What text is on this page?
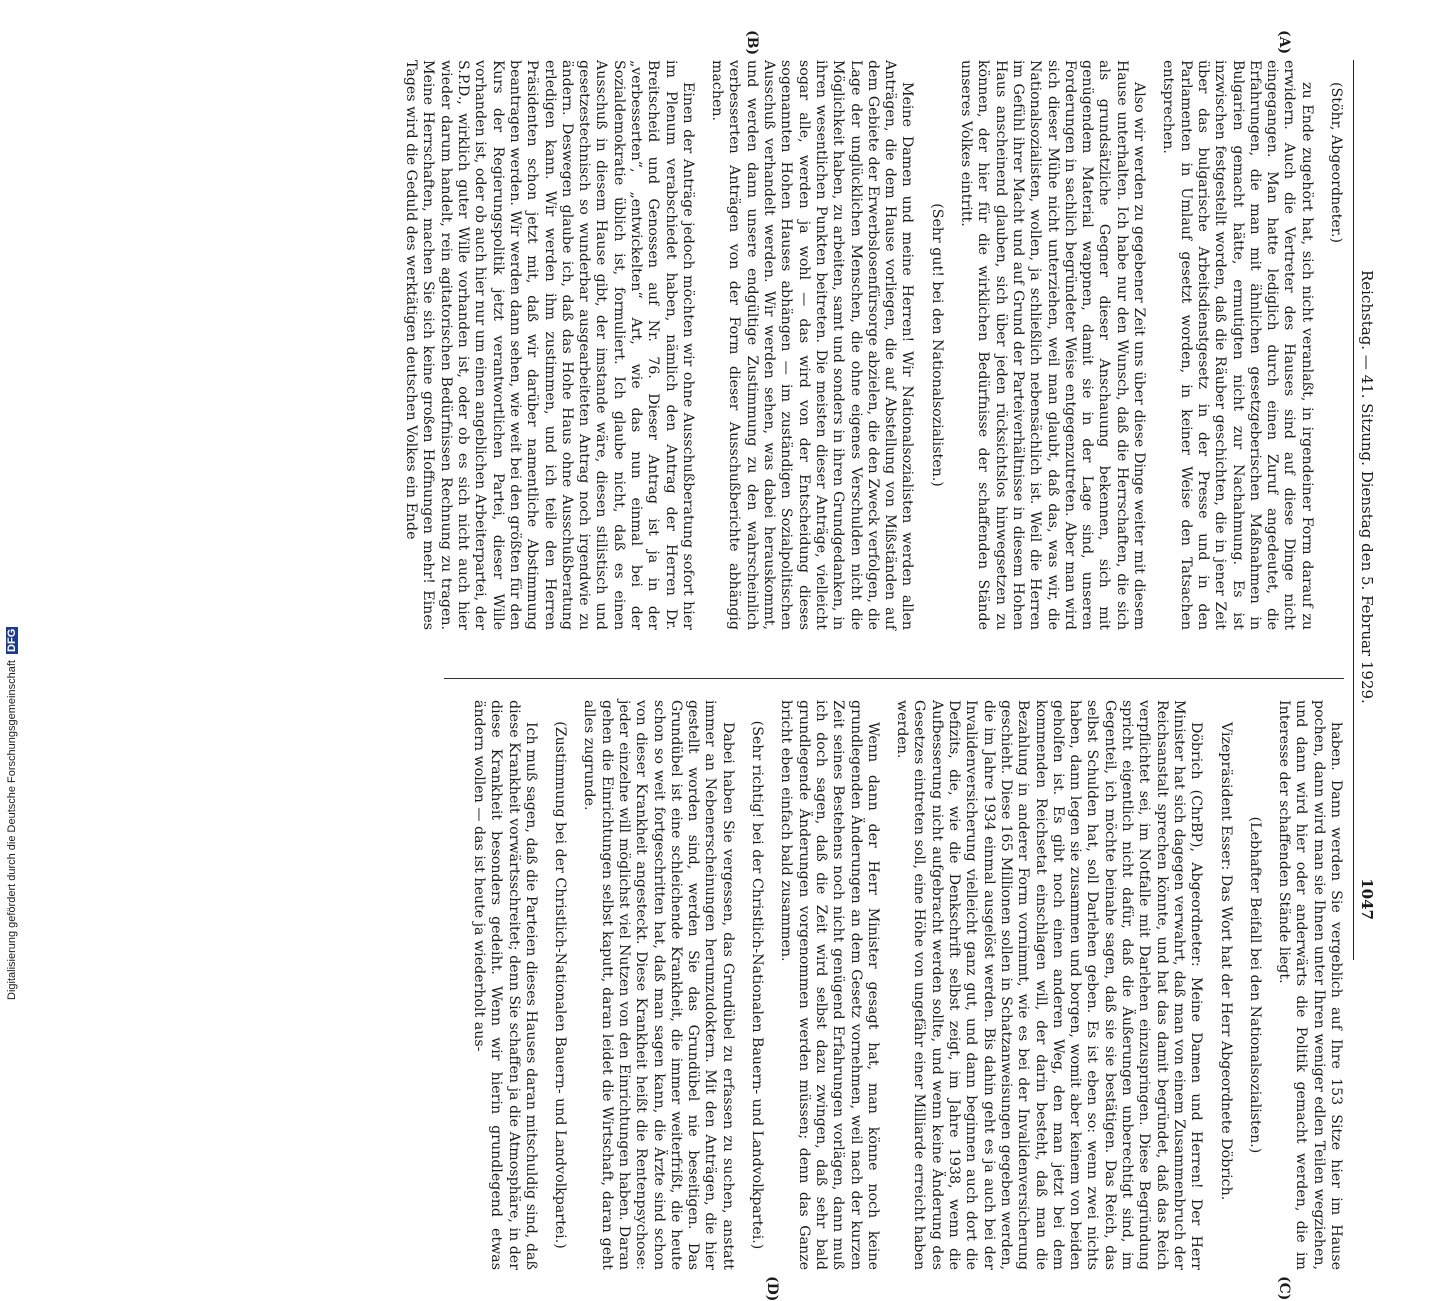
Reichstag. — 41. Sitzung. Dienstag den 5. Februar 1929.
1047
(A)
(B)
(C)
(D)

(Stöhr, Abgeordneter.)

zu Ende zugehört hat, sich nicht veranlaßt, in irgendeiner Form darauf zu erwidern. Auch die Vertreter des Hauses sind auf diese Dinge nicht eingegangen. Man hatte lediglich durch einen Zuruf angedeutet, die Erfahrungen, die man mit ähnlichen gesetzgeberischen Maßnahmen in Bulgarien gemacht hätte, ermutigten nicht zur Nachahmung. Es ist inzwischen festgestellt worden, daß die Räuber geschichten, die in jener Zeit über das bulgarische Arbeitsdienstgesetz in der Presse und in den Parlamenten in Umlauf gesetzt worden, in keiner Weise den Tatsachen entsprechen.

Also wir werden zu gegebener Zeit uns über diese Dinge weiter mit diesem Hause unterhalten. Ich habe nur den Wunsch, daß die Herrschaften, die sich als grundsätzliche Gegner dieser Anschauung bekennen, sich mit genügendem Material wappnen, damit sie in der Lage sind, unseren Forderungen in sachlich begründeter Weise entgegenzutreten. Aber man wird sich dieser Mühe nicht unterziehen, weil man glaubt, daß das, was wir, die Nationalsozialisten, wollen, ja schließlich nebensächlich ist. Weil die Herren im Gefühl ihrer Macht und auf Grund der Parteiverhältnisse in diesem Hohen Haus anscheinend glauben, sich über jeden rücksichtslos hinwegsetzen zu können, der hier für die wirklichen Bedürfnisse der schaffenden Stände unseres Volkes eintritt.

(Sehr gut! bei den Nationalsozialisten.)

Meine Damen und meine Herren! Wir Nationalsozialisten werden allen Anträgen, die dem Hause vorliegen, die auf Abstellung von Mißständen auf dem Gebiete der Erwerbslosenfürsorge abzielen, die den Zweck verfolgen, die Lage der unglücklichen Menschen, die ohne eigenes Verschulden nicht die Möglichkeit haben, zu arbeiten, samt und sonders in ihren Grundgedanken, in ihren wesentlichen Punkten beitreten. Die meisten dieser Anträge, vielleicht sogar alle, werden ja wohl — das wird von der Entscheidung dieses sogenannten Hohen Hauses abhängen — im zuständigen Sozialpolitischen Ausschuß verhandelt werden. Wir werden sehen, was dabei herauskommt, und werden dann unsere endgültige Zustimmung zu den wahrscheinlich verbesserten Anträgen von der Form dieser Ausschußberichte abhängig machen.

Einen der Anträge jedoch möchten wir ohne Ausschußberatung sofort hier im Plenum verabschiedet haben, nämlich den Antrag der Herren Dr. Breitscheid und Genossen auf Nr. 76. Dieser Antrag ist ja in der „verbesserten“, „entwickelten“ Art, wie das nun einmal bei der Sozialdemokratie üblich ist, formuliert. Ich glaube nicht, daß es einen Ausschuß in diesem Hause gibt, der imstande wäre, diesen stilistisch und gesetzestechnisch so wunderbar ausgearbeiteten Antrag noch irgendwie zu ändern. Deswegen glaube ich, daß das Hohe Haus ohne Ausschußberatung erledigen kann. Wir werden ihm zustimmen, und ich teile den Herren Präsidenten schon jetzt mit, daß wir darüber namentliche Abstimmung beantragen werden. Wir werden dann sehen, wie weit bei den größten für den Kurs der Regierungspolitik jetzt verantwortlichen Partei, dieser Wille vorhanden ist, oder ob auch hier nur um einen angeblichen Arbeiterpartei, der S.P.D., wirklich guter Wille vorhanden ist, oder ob es sich nicht auch hier wieder darum handelt, rein agitatorischen Bedürfnissen Rechnung zu tragen. Meine Herrschaften, machen Sie sich keine großen Hoffnungen mehr! Eines Tages wird die Geduld des werktätigen deutschen Volkes ein Ende

haben. Dann werden Sie vergeblich auf Ihre 153 Sitze hier im Hause pochen, dann wird man sie Ihnen unter Ihren weniger edlen Teilen wegziehen, und dann wird hier oder anderwärts die Politik gemacht werden, die im Interesse der schaffenden Stände liegt.

(Lebhafter Beifall bei den Nationalsozialisten.)

Vizepräsident Esser: Das Wort hat der Herr Abgeordnete Döbrich.

Döbrich (ChrBP), Abgeordneter: Meine Damen und Herren! Der Herr Minister hat sich dagegen verwahrt, daß man von einem Zusammenbruch der Reichsanstalt sprechen könnte, und hat das damit begründet, daß das Reich verpflichtet sei, im Notfalle mit Darlehen einzuspringen. Diese Begründung spricht eigentlich nicht dafür, daß die Äußerungen unberechtigt sind, im Gegenteil, ich möchte beinahe sagen, daß sie sie bestätigen. Das Reich, das selbst Schulden hat, soll Darlehen geben. Es ist eben so: wenn zwei nichts haben, dann legen sie zusammen und borgen, womit aber keinem von beiden geholfen ist. Es gibt noch einen anderen Weg, den man jetzt bei dem kommenden Reichsetat einschlagen will, der darin besteht, daß man die Bezahlung in anderer Form vornimmt, wie es bei der Invalidenversicherung geschieht. Diese 165 Millionen sollen in Schatzanweisungen gegeben werden, die im Jahre 1934 einmal ausgelöst werden. Bis dahin geht es ja auch bei der Invalidenversicherung vielleicht ganz gut, und dann beginnen auch dort die Defizits, die, wie die Denkschrift selbst zeigt, im Jahre 1938, wenn die Aufbesserung nicht aufgebracht werden sollte, und wenn keine Änderung des Gesetzes eintreten soll, eine Höhe von ungefähr einer Milliarde erreicht haben werden.

Wenn dann der Herr Minister gesagt hat, man könne noch keine grundlegenden Änderungen an dem Gesetz vornehmen, weil nach der kurzen Zeit seines Bestehens noch nicht genügend Erfahrungen vorlägen, dann muß ich doch sagen, daß die Zeit wird selbst dazu zwingen, daß sehr bald grundlegende Änderungen vorgenommen werden müssen; denn das Ganze bricht eben einfach bald zusammen.

(Sehr richtig! bei der Christlich-Nationalen Bauern- und Landvolkpartei.)

Dabei haben Sie vergessen, das Grundübel zu erfassen zu suchen, anstatt immer an Nebenerscheinungen herumzudoktern. Mit den Anträgen, die hier gestellt worden sind, werden Sie das Grundübel nie beseitigen. Das Grundübel ist eine schleichende Krankheit, die immer weiterfrißt, die heute schon so weit fortgeschritten hat, daß man sagen kann, die Ärzte sind schon von dieser Krankheit angesteckt. Diese Krankheit heißt die Rentenpsychose: jeder einzelne will möglichst viel Nutzen von den Einrichtungen haben. Daran gehen die Einrichtungen selbst kaputt, daran leidet die Wirtschaft, daran geht alles zugrunde.

(Zustimmung bei der Christlich-Nationalen Bauern- und Landvolkpartei.)

Ich muß sagen, daß die Parteien dieses Hauses daran mitschuldig sind, daß diese Krankheit vorwärtsschreitet; denn Sie schaffen ja die Atmosphäre, in der diese Krankheit besonders gedeiht. Wenn wir hierin grundlegend etwas ändern wollen — das ist heute ja wiederholt aus-

Digitalisierung gefördert durch die Deutsche Forschungsgemeinschaft DFG
